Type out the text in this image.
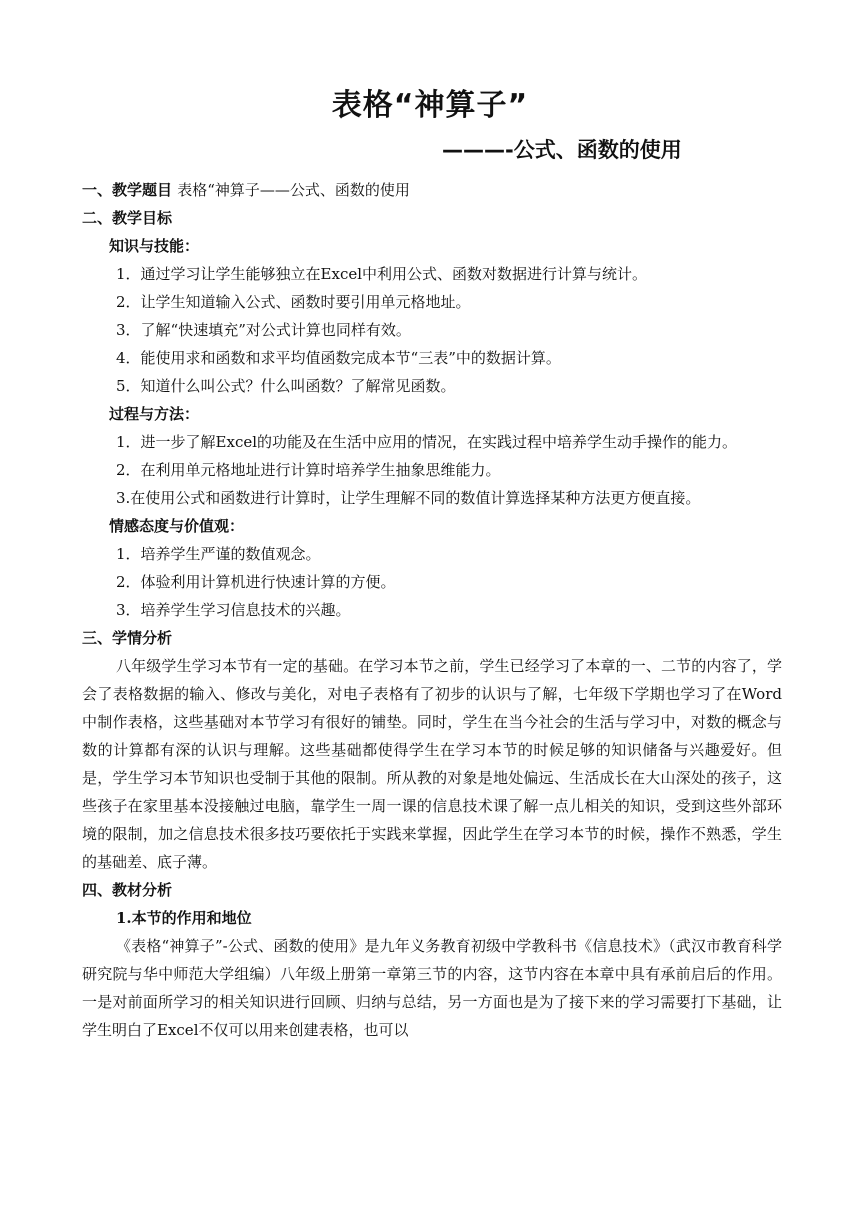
表格“神算子”
———-公式、函数的使用

一、教学题目 表格“神算子——公式、函数的使用

二、教学目标

知识与技能：

1．通过学习让学生能够独立在Excel中利用公式、函数对数据进行计算与统计。

2．让学生知道输入公式、函数时要引用单元格地址。

3．了解“快速填充”对公式计算也同样有效。

4．能使用求和函数和求平均值函数完成本节“三表”中的数据计算。

5．知道什么叫公式？什么叫函数？了解常见函数。

过程与方法：

1．进一步了解Excel的功能及在生活中应用的情况，在实践过程中培养学生动手操作的能力。

2．在利用单元格地址进行计算时培养学生抽象思维能力。

3.在使用公式和函数进行计算时，让学生理解不同的数值计算选择某种方法更方便直接。

情感态度与价值观：

1．培养学生严谨的数值观念。

2．体验利用计算机进行快速计算的方便。

3．培养学生学习信息技术的兴趣。

三、学情分析

八年级学生学习本节有一定的基础。在学习本节之前，学生已经学习了本章的一、二节的内容了，学会了表格数据的输入、修改与美化，对电子表格有了初步的认识与了解，七年级下学期也学习了在Word中制作表格，这些基础对本节学习有很好的铺垫。同时，学生在当今社会的生活与学习中，对数的概念与数的计算都有深的认识与理解。这些基础都使得学生在学习本节的时候足够的知识储备与兴趣爱好。但是，学生学习本节知识也受制于其他的限制。所从教的对象是地处偏远、生活成长在大山深处的孩子，这些孩子在家里基本没接触过电脑，靠学生一周一课的信息技术课了解一点儿相关的知识，受到这些外部环境的限制，加之信息技术很多技巧要依托于实践来掌握，因此学生在学习本节的时候，操作不熟悉，学生的基础差、底子薄。

四、教材分析

1.本节的作用和地位

《表格“神算子”-公式、函数的使用》是九年义务教育初级中学教科书《信息技术》（武汉市教育科学研究院与华中师范大学组编）八年级上册第一章第三节的内容，这节内容在本章中具有承前启后的作用。一是对前面所学习的相关知识进行回顾、归纳与总结，另一方面也是为了接下来的学习需要打下基础，让学生明白了Excel不仅可以用来创建表格，也可以
